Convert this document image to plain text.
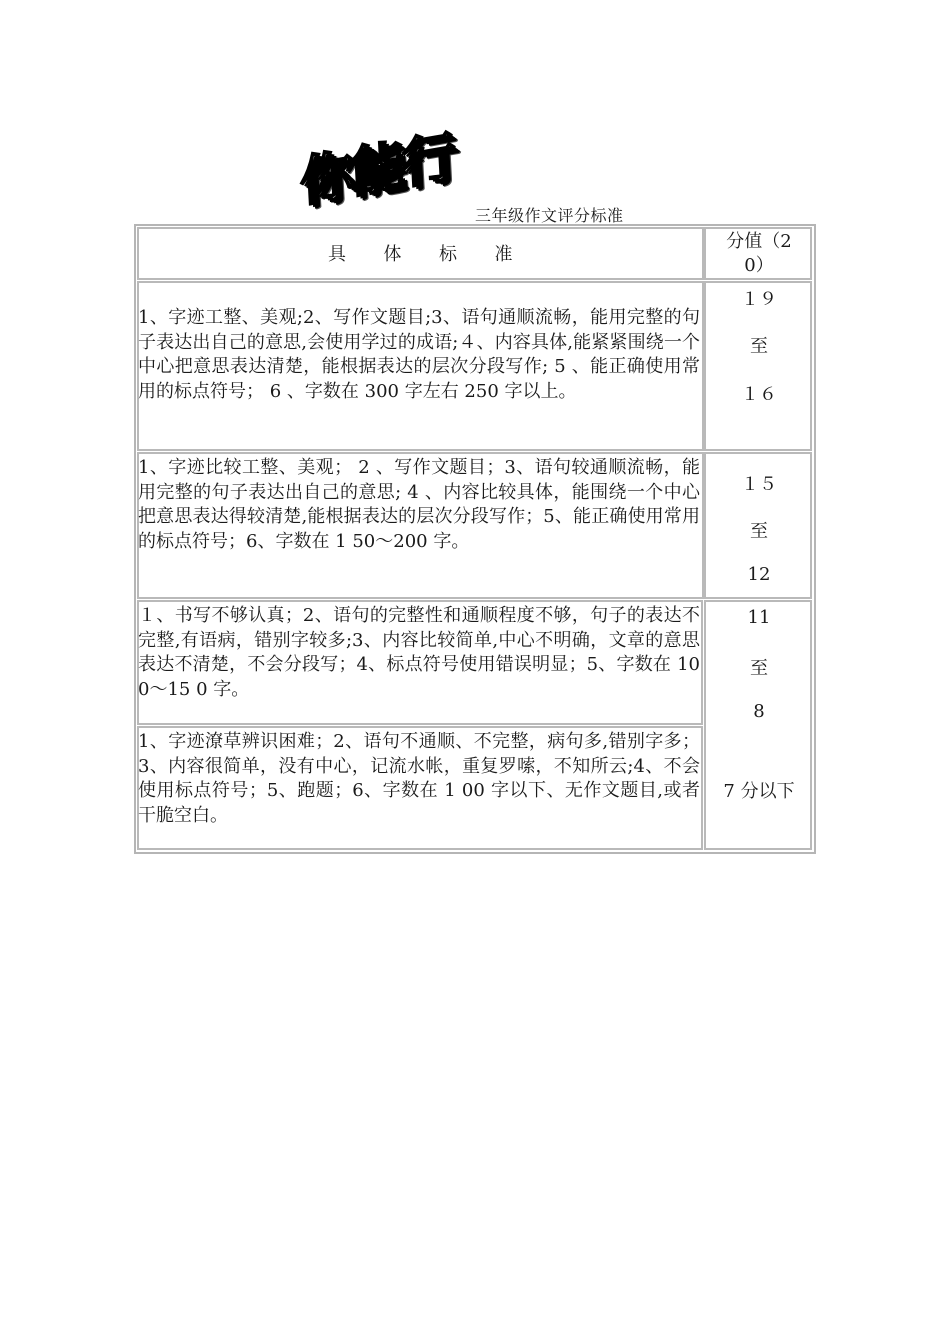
你能行
三年级作文评分标准
具　　体　　标　　准
分值（2
0）
1、字迹工整、美观;2、写作文题目;3、语句通顺流畅，能用完整的句子表达出自己的意思,会使用学过的成语;４、内容具体,能紧紧围绕一个中心把意思表达清楚，能根据表达的层次分段写作; 5 、能正确使用常用的标点符号； 6 、字数在 300 字左右 250 字以上。
１９
至
１６
1、字迹比较工整、美观； 2 、写作文题目；3、语句较通顺流畅，能用完整的句子表达出自己的意思; 4 、内容比较具体，能围绕一个中心把意思表达得较清楚,能根据表达的层次分段写作；5、能正确使用常用的标点符号；6、字数在 1 50～200 字。
１５
至
12
１、书写不够认真；2、语句的完整性和通顺程度不够，句子的表达不完整,有语病，错别字较多;3、内容比较简单,中心不明确，文章的意思表达不清楚，不会分段写；4、标点符号使用错误明显；5、字数在 100～15 0 字。
11
至
8
1、字迹潦草辨识困难；2、语句不通顺、不完整，病句多,错别字多；3、内容很简单，没有中心，记流水帐，重复罗嗦，不知所云;4、不会使用标点符号；5、跑题；6、字数在 1 00 字以下、无作文题目,或者干脆空白。
7 分以下
